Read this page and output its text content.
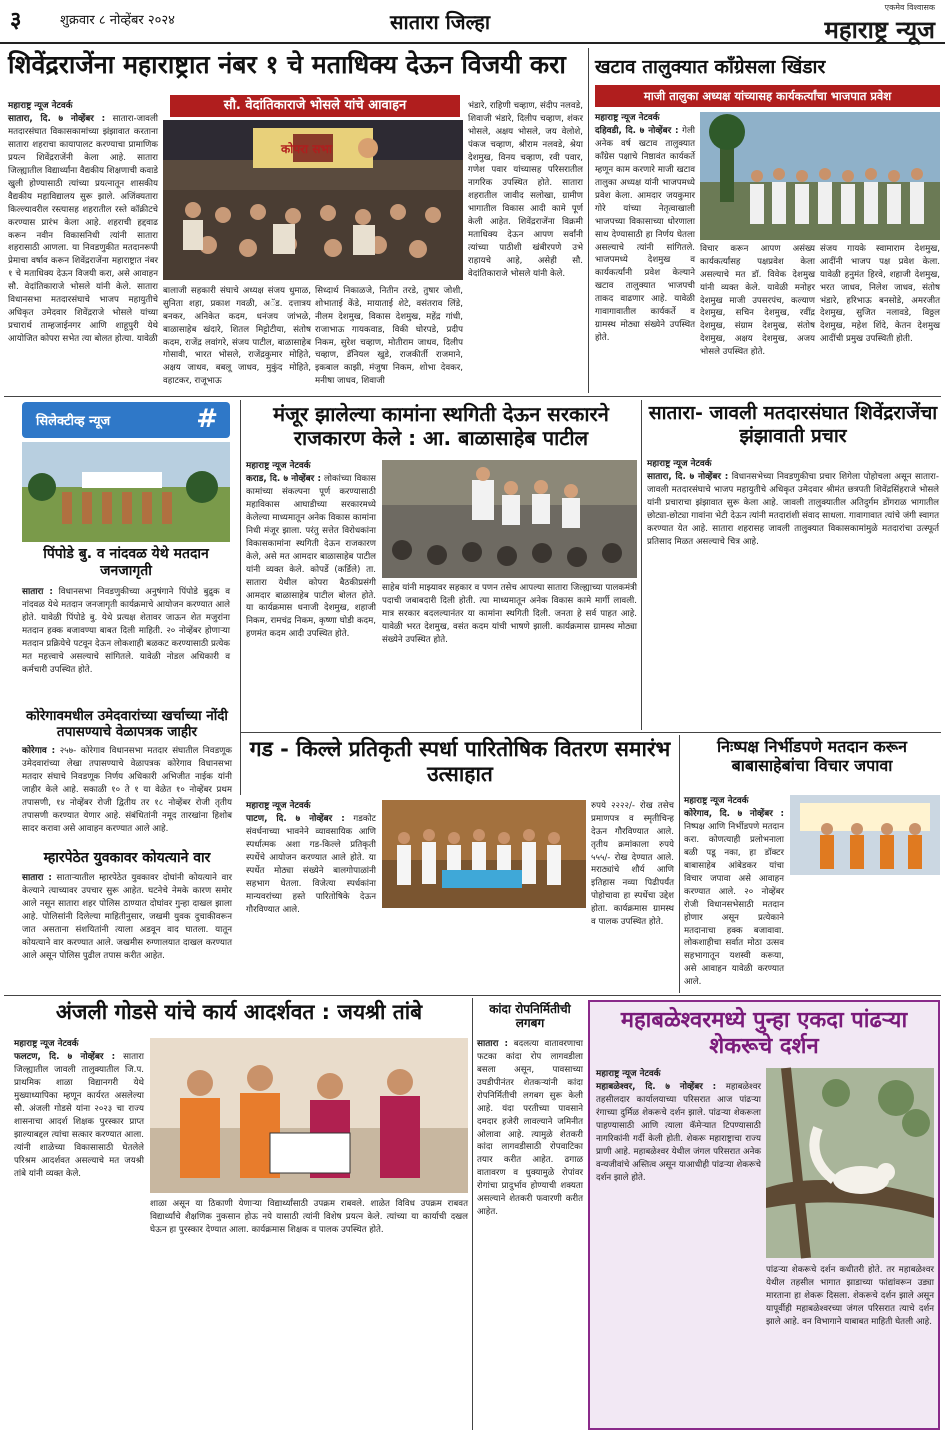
३	शुक्रवार ८ नोव्हेंबर २०२४	सातारा जिल्हा
एकमेव विश्वासक
महाराष्ट्र न्यूज
शिवेंद्रराजेंना महाराष्ट्रात नंबर १ चे मताधिक्य देऊन विजयी करा
सौ. वेदांतिकाराजे भोसले यांचे आवाहन
महाराष्ट्र न्यूज नेटवर्क
सातारा, दि. ७ नोव्हेंबर : सातारा-जावली मतदारसंघात विकासकामांच्या झंझावात करताना सातारा शहराचा कायापालट करण्याचा प्रामाणिक प्रयत्न शिवेंद्रराजेंनी केला आहे. सातारा जिल्ह्यातील विद्यार्थ्यांना वैद्यकीय शिक्षणाची कवाडे खुली होण्यासाठी त्यांच्या प्रयत्नातून शासकीय वैद्यकीय महाविद्यालय सुरू झाले. अजिंक्यतारा किल्ल्यावरील रस्त्यासह शहरातील रस्ते कॉक्रीटचे करण्यास प्रारंभ केला आहे. शहराची हद्दवाढ करून नवीन विकासनिधी त्यांनी सातारा शहरासाठी आणला. या निवडणुकीत मतदानरूपी प्रेमाचा वर्षाव करून शिवेंद्रराजेंना महाराष्ट्रात नंबर १ चे मताधिक्य देऊन विजयी करा, असे आवाहन सौ. वेदांतिकाराजे भोसले यांनी केले. सातारा विधानसभा मतदारसंघाचे भाजप महायुतीचे अधिकृत उमेदवार शिवेंद्रराजे भोसले यांच्या प्रचारार्थ ताम्हजाईनगर आणि शाहूपुरी येथे आयोजित कोपरा सभेत त्या बोलत होत्या. यावेळी
कोपरा सभा
बालाजी सहकारी संघाचे अध्यक्ष संजय धुमाळ, सुनिता शहा, प्रकाश गवळी, अॅड. दत्तात्रय बनकर, अनिकेत कदम, धनंजय जांभळे, बाळासाहेब खंदारे, शितल मिट्टोटीया, संतोष कदम, राजेंद्र लवांगरे, संजय पाटील, बाळासाहेब गोसावी, भारत भोसले, राजेंद्रकुमार मोहिते, अक्षय जाधव, बबलू जाधव, मुकुंद मोहिते, वहाटकर, राजूभाऊ
सिध्दार्थ निकाळजे, नितीन तरडे, तुषार जोशी, शोभाताई केंडे, मायाताई शेटे, वसंतराव लिंडे, नीलम देशमुख, विकास देशमुख, महेंद्र गांधी, राजाभाऊ गायकवाड, विकी घोरपडे, प्रदीप निकम, सुरेश चव्हाण, मोतीराम जाधव, दिलीप चव्हाण, डॅनियल खुडे, राजकीर्ती राजमाने, इकबाल काझी, मंजुषा निकम, शोभा देवकर, मनीषा जाधव, शिवाजी
भंडारे, राहिणी चव्हाण, संदीप नलवडे, शिवाजी भंडारे, दिलीप चव्हाण, शंकर भोसले, अक्षय भोसले, जय वेलोशे, पंकज चव्हाण, श्रीराम नलवडे, श्रेया देशमुख, विनय चव्हाण, रवी पवार, गणेश पवार यांच्यासह परिसरातील नागरिक उपस्थित होते. सातारा शहरातील जावीद सलोखा, ग्रामीण भागातील विकास आदी कामे पूर्ण केली आहेत. शिवेंद्रराजेंना विक्रमी मताधिक्य देऊन आपण सर्वांनी त्यांच्या पाठीशी खंबीरपणे उभे राहायचे आहे, असेही सौ. वेदांतिकाराजे भोसले यांनी केले.
खटाव तालुक्यात काँग्रेसला खिंडार
माजी तालुका अध्यक्ष यांच्यासह कार्यकर्त्यांचा भाजपात प्रवेश
महाराष्ट्र न्यूज नेटवर्क
दहिवडी, दि. ७ नोव्हेंबर : गेली अनेक वर्ष खटाव तालुक्यात काँग्रेस पक्षाचे निष्ठावंत कार्यकर्ते म्हणून काम करणारे माजी खटाव तालुका अध्यक्ष यांनी भाजपमध्ये प्रवेश केला. आमदार जयकुमार गोरे यांच्या नेतृत्वाखाली भाजपच्या विकासाच्या धोरणाला साथ देण्यासाठी हा निर्णय घेतला असल्याचे त्यांनी सांगितले. भाजपमध्ये देशमुख व कार्यकर्त्यांनी प्रवेश केल्याने खटाव तालुक्यात भाजपची ताकद वाढणार आहे. यावेळी गावागावातील कार्यकर्ते व ग्रामस्थ मोठ्या संख्येने उपस्थित होते.
विचार करून आपण असंख्य कार्यकर्त्यांसह पक्षप्रवेश केला असल्याचे मत डॉ. विवेक देशमुख यांनी व्यक्त केले. यावेळी मनोहर देशमुख माजी उपसरपंच, कल्याण देशमुख, सचिन देशमुख, रवींद्र देशमुख, संग्राम देशमुख, संतोष देशमुख, अक्षय देशमुख, अजय भोसले उपस्थित होते.
संजय गायके स्वामाराम देशमुख, आदींनी भाजप पक्ष प्रवेश केला. यावेळी हनुमंत हिरवे, शहाजी देशमुख, भरत जाधव, निलेश जाधव, संतोष भंडारे, हरिभाऊ बनसोडे, अमरजीत देशमुख, सुजित नलावडे, विठ्ठल देशमुख, महेश शिंदे, केतन देशमुख आदींची प्रमुख उपस्थिती होती.
सिलेक्टीव्ह न्यूज	#
पिंपोडे बु. व नांदवळ येथे मतदान जनजागृती
सातारा : विधानसभा निवडणुकीच्या अनुषंगाने पिंपोडे बुद्रुक व नांदवळ येथे मतदान जनजागृती कार्यक्रमाचे आयोजन करण्यात आले होते. यावेळी पिंपोडे बु. येथे प्रत्यक्ष शेतावर जाऊन शेत मजुरांना मतदान हक्क बजावण्या बाबत दिली माहिती. २० नोव्हेंबर होणाऱ्या मतदान प्रक्रियेचे पटवून देऊन लोकशाही बळकट करण्यासाठी प्रत्येक मत महत्त्वाचे असल्याचे सांगितले. यावेळी नोडल अधिकारी व कर्मचारी उपस्थित होते.
कोरेगावमधील उमेदवारांच्या खर्चाच्या नोंदी तपासण्याचे वेळापत्रक जाहीर
कोरेगाव : २५७- कोरेगाव विधानसभा मतदार संघातील निवडणूक उमेदवारांच्या लेखा तपासण्याचे वेळापत्रक कोरेगाव विधानसभा मतदार संघाचे निवडणूक निर्णय अधिकारी अभिजीत नाईक यांनी जाहीर केले आहे. सकाळी १० ते १ या वेळेत १० नोव्हेंबर प्रथम तपासणी, १४ नोव्हेंबर रोजी द्वितीय तर १८ नोव्हेंबर रोजी तृतीय तपासणी करण्यात येणार आहे. संबंधितांनी नमूद तारखांना हिशोब सादर करावा असे आवाहन करण्यात आले आहे.
म्हारपेठेत युवकावर कोयत्याने वार
सातारा : साताऱ्यातील म्हारपेठेत युवकावर दोघांनी कोयत्याने वार केल्याने त्याच्यावर उपचार सुरू आहेत. घटनेचे नेमके कारण समोर आले नसून सातारा शहर पोलिस ठाण्यात दोघांवर गुन्हा दाखल झाला आहे. पोलिसांनी दिलेल्या माहितीनुसार, जखमी युवक दुचाकीवरून जात असताना संशयितांनी त्याला अडवून वाद घातला. यातून कोयत्याने वार करण्यात आले. जखमीस रुग्णालयात दाखल करण्यात आले असून पोलिस पुढील तपास करीत आहेत.
मंजूर झालेल्या कामांना स्थगिती देऊन सरकारने राजकारण केले : आ. बाळासाहेब पाटील
महाराष्ट्र न्यूज नेटवर्क
कराड, दि. ७ नोव्हेंबर : लोकांच्या विकास कामांच्या संकल्पना पूर्ण करण्यासाठी महाविकास आघाडीच्या सरकारमध्ये केलेल्या माध्यमातून अनेक विकास कामांना निधी मंजूर झाला. परंतु सत्तेत विरोधकांना विकासकामांना स्थगिती देऊन राजकारण केले, असे मत आमदार बाळासाहेब पाटील यांनी व्यक्त केले. कोपर्डे (कर्डिले) ता. सातारा येथील कोपरा बैठकीप्रसंगी आमदार बाळासाहेब पाटील बोलत होते. या कार्यक्रमास धनाजी देशमुख, शहाजी निकम, रामचंद्र निकम, कृष्णा घोडी कदम, हणमंत कदम आदी उपस्थित होते.
साहेब यांनी माझ्यावर सहकार व पणन तसेच आपल्या सातारा जिल्ह्याच्या पालकमंत्री पदाची जबाबदारी दिली होती. त्या माध्यमातून अनेक विकास कामे मार्गी लावली. मात्र सरकार बदलल्यानंतर या कामांना स्थगिती दिली. जनता हे सर्व पाहत आहे. यावेळी भरत देशमुख, वसंत कदम यांची भाषणे झाली. कार्यक्रमास ग्रामस्थ मोठ्या संख्येने उपस्थित होते.
सातारा- जावली मतदारसंघात शिवेंद्रराजेंचा झंझावाती प्रचार
महाराष्ट्र न्यूज नेटवर्क
सातारा, दि. ७ नोव्हेंबर : विधानसभेच्या निवडणुकीचा प्रचार शिगेला पोहोचला असून सातारा-जावली मतदारसंघाचे भाजप महायुतीचे अधिकृत उमेदवार श्रीमंत छत्रपती शिवेंद्रसिंहराजे भोसले यांनी प्रचाराचा झंझावात सुरू केला आहे. जावली तालुक्यातील अतिदुर्गम डोंगराळ भागातील छोट्या-छोट्या गावांना भेटी देऊन त्यांनी मतदारांशी संवाद साधला. गावागावात त्यांचे जंगी स्वागत करण्यात येत आहे. सातारा शहरासह जावली तालुक्यात विकासकामांमुळे मतदारांचा उत्स्फूर्त प्रतिसाद मिळत असल्याचे चित्र आहे.
गड - किल्ले प्रतिकृती स्पर्धा पारितोषिक वितरण समारंभ उत्साहात
महाराष्ट्र न्यूज नेटवर्क
पाटण, दि. ७ नोव्हेंबर : गडकोट संवर्धनाच्या भावनेने व्यावसायिक आणि स्पर्धात्मक अशा गड-किल्ले प्रतिकृती स्पर्धेचे आयोजन करण्यात आले होते. या स्पर्धेत मोठ्या संख्येने बालगोपाळांनी सहभाग घेतला. विजेत्या स्पर्धकांना मान्यवरांच्या हस्ते पारितोषिके देऊन गौरविण्यात आले.
रुपये २२२२/- रोख तसेच प्रमाणपत्र व स्मृतीचिन्ह देऊन गौरविण्यात आले. तृतीय क्रमांकाला रुपये ५५५/- रोख देण्यात आले. मराठ्यांचे शौर्य आणि इतिहास नव्या पिढीपर्यंत पोहोचावा हा स्पर्धेचा उद्देश होता. कार्यक्रमास ग्रामस्थ व पालक उपस्थित होते.
निःष्पक्ष निर्भीडपणे मतदान करून बाबासाहेबांचा विचार जपावा
महाराष्ट्र न्यूज नेटवर्क
कोरेगाव, दि. ७ नोव्हेंबर : निष्पक्ष आणि निर्भीडपणे मतदान करा. कोणत्याही प्रलोभनाला बळी पडू नका, हा डॉक्टर बाबासाहेब आंबेडकर यांचा विचार जपावा असे आवाहन करण्यात आले. २० नोव्हेंबर रोजी विधानसभेसाठी मतदान होणार असून प्रत्येकाने मतदानाचा हक्क बजावावा. लोकशाहीचा सर्वात मोठा उत्सव सहभागातून यशस्वी करूया, असे आवाहन यावेळी करण्यात आले.
अंजली गोडसे यांचे कार्य आदर्शवत : जयश्री तांबे
महाराष्ट्र न्यूज नेटवर्क
फलटण, दि. ७ नोव्हेंबर : सातारा जिल्ह्यातील जावली तालुक्यातील जि.प. प्राथमिक शाळा विद्यानगरी येथे मुख्याध्यापिका म्हणून कार्यरत असलेल्या सौ. अंजली गोडसे यांना २०२३ चा राज्य शासनाचा आदर्श शिक्षक पुरस्कार प्राप्त झाल्याबद्दल त्यांचा सत्कार करण्यात आला. त्यांनी शाळेच्या विकासासाठी घेतलेले परिश्रम आदर्शवत असल्याचे मत जयश्री तांबे यांनी व्यक्त केले.
शाळा असून या ठिकाणी येणाऱ्या विद्यार्थ्यांसाठी उपक्रम राबवले. शाळेत विविध उपक्रम राबवत विद्यार्थ्यांचे शैक्षणिक नुकसान होऊ नये यासाठी त्यांनी विशेष प्रयत्न केले. त्यांच्या या कार्याची दखल घेऊन हा पुरस्कार देण्यात आला. कार्यक्रमास शिक्षक व पालक उपस्थित होते.
कांदा रोपनिर्मितीची लगबग
सातारा : बदलत्या वातावरणाचा फटका कांदा रोप लागवडीला बसला असून, पावसाच्या उघडीपीनंतर शेतकऱ्यांनी कांदा रोपनिर्मितीची लगबग सुरू केली आहे. यंदा परतीच्या पावसाने दमदार हजेरी लावल्याने जमिनीत ओलावा आहे. त्यामुळे शेतकरी कांदा लागवडीसाठी रोपवाटिका तयार करीत आहेत. ढगाळ वातावरण व धुक्यामुळे रोपांवर रोगांचा प्रादुर्भाव होण्याची शक्यता असल्याने शेतकरी फवारणी करीत आहेत.
महाबळेश्वरमध्ये पुन्हा एकदा पांढऱ्या शेकरूचे दर्शन
महाराष्ट्र न्यूज नेटवर्क
महाबळेश्वर, दि. ७ नोव्हेंबर : महाबळेश्वर तहसीलदार कार्यालयाच्या परिसरात आज पांढऱ्या रंगाच्या दुर्मिळ शेकरूचे दर्शन झाले. पांढऱ्या शेकरूला पाहण्यासाठी आणि त्याला कॅमेऱ्यात टिपण्यासाठी नागरिकांनी गर्दी केली होती. शेकरू महाराष्ट्राचा राज्य प्राणी आहे. महाबळेश्वर येथील जंगल परिसरात अनेक वन्यजीवांचे अस्तित्व असून याआधीही पांढऱ्या शेकरूचे दर्शन झाले होते.
पांढऱ्या शेकरूचे दर्शन कधीतरी होते. तर महाबळेश्वर येथील तहसील भागात झाडाच्या फांद्यांवरून उड्या मारताना हा शेकरू दिसला. शेकरूचे दर्शन झाले असून यापूर्वीही महाबळेश्वरच्या जंगल परिसरात त्याचे दर्शन झाले आहे. वन विभागाने याबाबत माहिती घेतली आहे.
